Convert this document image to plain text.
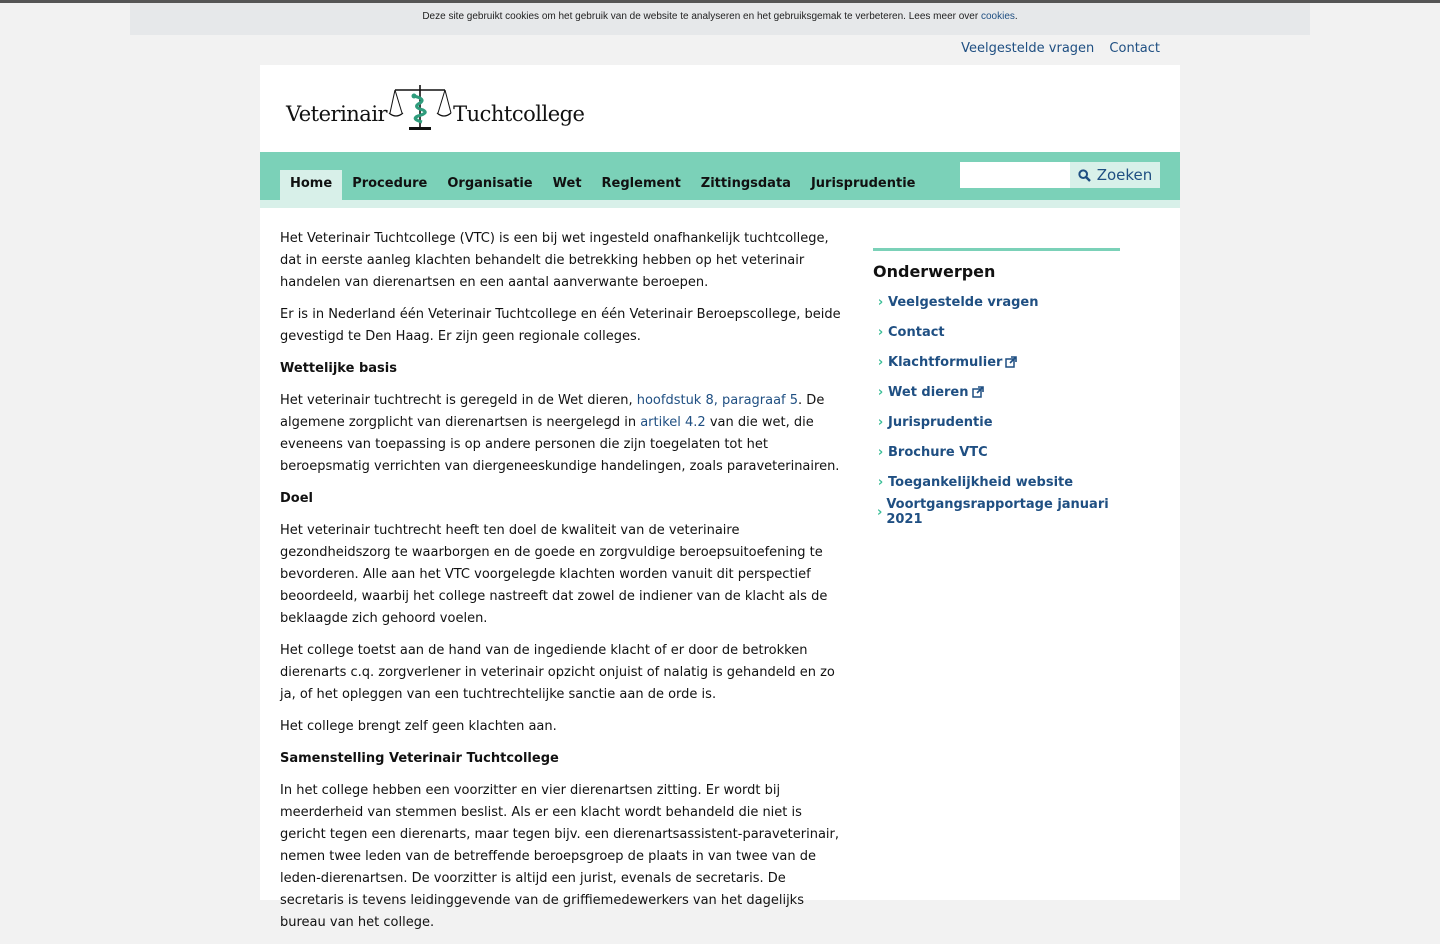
Deze site gebruikt cookies om het gebruik van de website te analyseren en het gebruiksgemak te verbeteren. Lees meer over cookies.
Veelgestelde vragen Contact
Veterinair	Tuchtcollege
Home	Procedure	Organisatie	Wet	Reglement	Zittingsdata	Jurisprudentie	Zoeken

Het Veterinair Tuchtcollege (VTC) is een bij wet ingesteld onafhankelijk tuchtcollege, dat in eerste aanleg klachten behandelt die betrekking hebben op het veterinair handelen van dierenartsen en een aantal aanverwante beroepen.

Er is in Nederland één Veterinair Tuchtcollege en één Veterinair Beroepscollege, beide gevestigd te Den Haag. Er zijn geen regionale colleges.

Wettelijke basis

Het veterinair tuchtrecht is geregeld in de Wet dieren, hoofdstuk 8, paragraaf 5. De algemene zorgplicht van dierenartsen is neergelegd in artikel 4.2 van die wet, die eveneens van toepassing is op andere personen die zijn toegelaten tot het beroepsmatig verrichten van diergeneeskundige handelingen, zoals paraveterinairen.

Doel

Het veterinair tuchtrecht heeft ten doel de kwaliteit van de veterinaire gezondheidszorg te waarborgen en de goede en zorgvuldige beroepsuitoefening te bevorderen. Alle aan het VTC voorgelegde klachten worden vanuit dit perspectief beoordeeld, waarbij het college nastreeft dat zowel de indiener van de klacht als de beklaagde zich gehoord voelen.

Het college toetst aan de hand van de ingediende klacht of er door de betrokken dierenarts c.q. zorgverlener in veterinair opzicht onjuist of nalatig is gehandeld en zo ja, of het opleggen van een tuchtrechtelijke sanctie aan de orde is.

Het college brengt zelf geen klachten aan.

Samenstelling Veterinair Tuchtcollege

In het college hebben een voorzitter en vier dierenartsen zitting. Er wordt bij meerderheid van stemmen beslist. Als er een klacht wordt behandeld die niet is gericht tegen een dierenarts, maar tegen bijv. een dierenartsassistent-paraveterinair, nemen twee leden van de betreffende beroepsgroep de plaats in van twee van de leden-dierenartsen. De voorzitter is altijd een jurist, evenals de secretaris. De secretaris is tevens leidinggevende van de griffiemedewerkers van het dagelijks bureau van het college.

Onderwerpen
› Veelgestelde vragen
› Contact
› Klachtformulier
› Wet dieren
› Jurisprudentie
› Brochure VTC
› Toegankelijkheid website
› Voortgangsrapportage januari 2021
